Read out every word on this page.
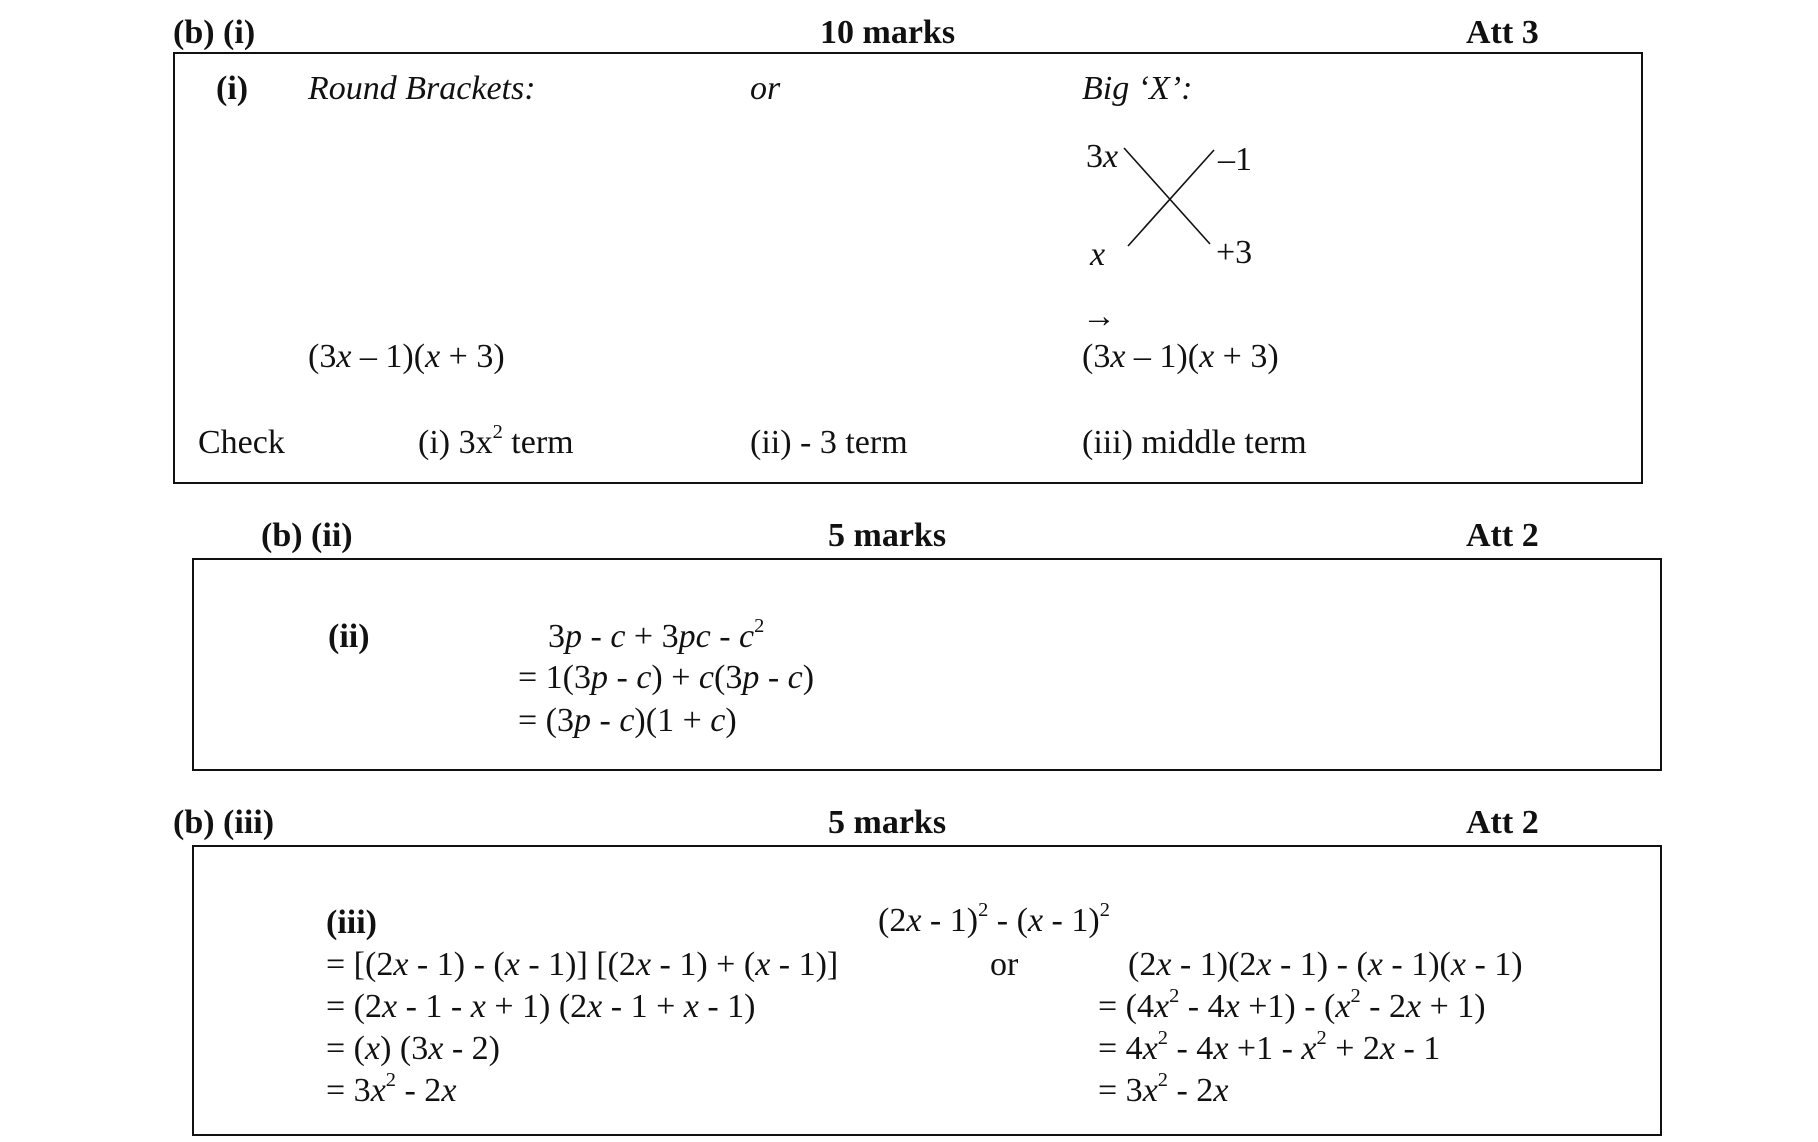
(b) (i)	10 marks	Att 3
(i) Round Brackets:	or	Big ‘X’:
3x	–1
x	+3
→
(3x – 1)(x + 3)	(3x – 1)(x + 3)
Check	(i) $3x^2$ term	(ii) - 3 term	(iii) middle term
(b) (ii)	5 marks	Att 2
(ii)	$3p - c + 3pc - c^2$
= 1(3p - c) + c(3p - c)
= (3p - c)(1 + c)
(b) (iii)	5 marks	Att 2
(iii)	(2x - 1)$^2$ - (x - 1)$^2$
= [(2x - 1) - (x - 1)] [(2x - 1) + (x - 1)]
= (2x - 1 - x + 1) (2x - 1 + x - 1)
= (x) (3x - 2)
= $3x^2 - 2x$
or	(2x - 1)(2x - 1) - (x - 1)(x - 1)
= $(4x^2 - 4x +1) - (x^2 - 2x + 1)$
= $4x^2 - 4x +1 - x^2 + 2x - 1$
= $3x^2 - 2x$
